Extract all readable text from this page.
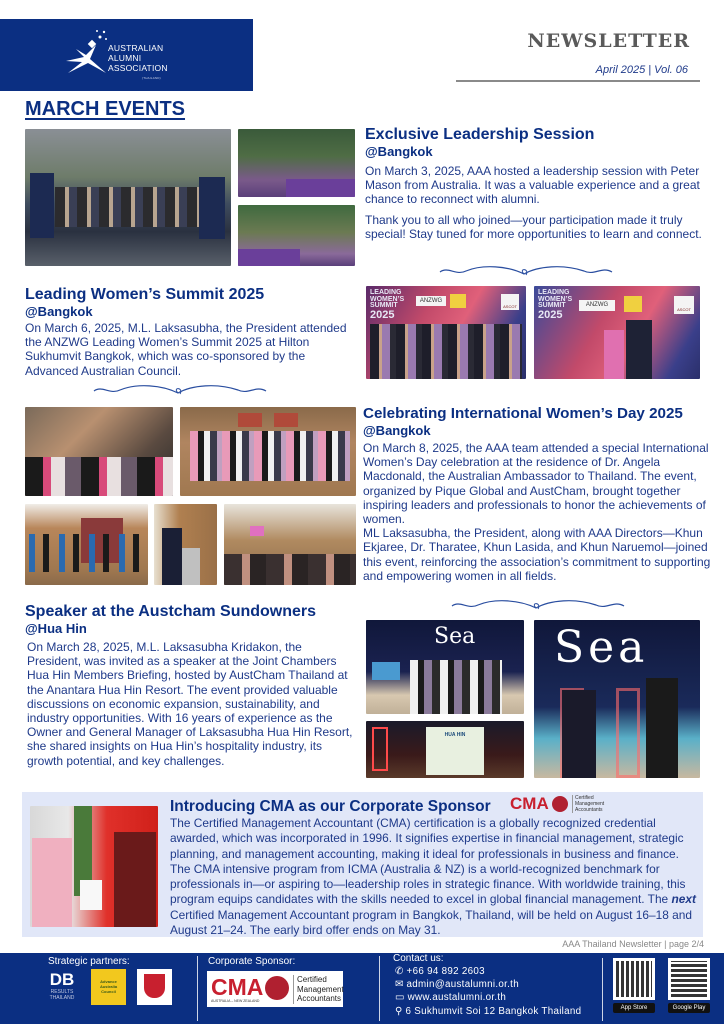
AUSTRALIAN
ALUMNI
ASSOCIATION
(THAILAND)
NEWSLETTER
April 2025 | Vol. 06
MARCH EVENTS
Exclusive Leadership Session
@Bangkok
On March 3, 2025, AAA hosted a leadership session with Peter Mason from Australia. It was a valuable experience and a great chance to reconnect with alumni.
Thank you to all who joined—your participation made it truly special! Stay tuned for more opportunities to learn and connect.
Leading Women’s Summit 2025
@Bangkok
On March 6, 2025, M.L. Laksasubha, the President attended the ANZWG Leading Women’s Summit 2025 at Hilton Sukhumvit Bangkok, which was co-sponsored by the Advanced Australian Council.
LEADING
WOMEN’S
SUMMIT
2025
ANZWG
ASCOT
LEADING
WOMEN’S
SUMMIT
2025
ANZWG
ASCOT
Celebrating International Women’s Day 2025
@Bangkok
On March 8, 2025, the AAA team attended a special International Women’s Day celebration at the residence of Dr. Angela Macdonald, the Australian Ambassador to Thailand. The event, organized by Pique Global and AustCham, brought together inspiring leaders and professionals to honor the achievements of women.
ML Laksasubha, the President, along with AAA Directors—Khun Ekjaree, Dr. Tharatee, Khun Lasida, and Khun Naruemol—joined this event, reinforcing the association’s commitment to supporting and empowering women in all fields.
Speaker at the Austcham Sundowners
@Hua Hin
On March 28, 2025, M.L. Laksasubha Kridakon, the President, was invited as a speaker at the Joint Chambers Hua Hin Members Briefing, hosted by AustCham Thailand at the Anantara Hua Hin Resort. The event provided valuable discussions on economic expansion, sustainability, and industry opportunities. With 16 years of experience as the Owner and General Manager of Laksasubha Hua Hin Resort, she shared insights on Hua Hin’s hospitality industry, its growth potential, and key challenges.
Sea
HUA HIN
Sea
Introducing CMA as our Corporate Sponsor CMA	Certified
Management
Accountants
The Certified Management Accountant (CMA) certification is a globally recognized credential awarded, which was incorporated in 1996. It signifies expertise in financial management, strategic planning, and management accounting, making it ideal for professionals in business and finance. The CMA intensive program from ICMA (Australia & NZ) is a world-recognized benchmark for professionals in—or aspiring to—leadership roles in strategic finance. With worldwide training, this program equips candidates with the skills needed to excel in global financial management. The next Certified Management Accountant program in Bangkok, Thailand, will be held on August 16–18 and August 21–24. The early bird offer ends on May 31.
AAA Thailand Newsletter | page 2/4
Strategic partners:
DB
RESULTS
THAILAND
Advance
Australia
Council
Corporate Sponsor:
CMA
AUSTRALIA – NEW ZEALAND
Certified
Management
Accountants
Contact us:
✆ +66 94 892 2603
✉ admin@austalumni.or.th
▭ www.austalumni.or.th
⚲ 6 Sukhumvit Soi 12 Bangkok Thailand	App Store	Google Play
